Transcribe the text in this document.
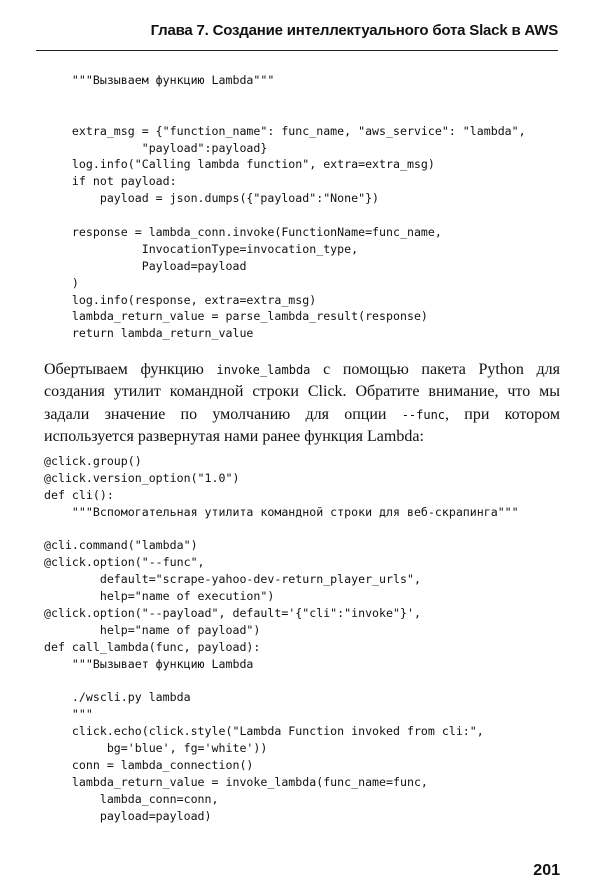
Глава 7. Создание интеллектуального бота Slack в AWS
"""Вызываем функцию Lambda"""
extra_msg = {"function_name": func_name, "aws_service": "lambda",
"payload":payload}
log.info("Calling lambda function", extra=extra_msg)
if not payload:
payload = json.dumps({"payload":"None"})
response = lambda_conn.invoke(FunctionName=func_name,
InvocationType=invocation_type,
Payload=payload
)
log.info(response, extra=extra_msg)
lambda_return_value = parse_lambda_result(response)
return lambda_return_value
Обертываем функцию invoke_lambda с помощью пакета Python для создания утилит командной строки Click. Обратите внимание, что мы задали значение по умолчанию для опции --func, при котором используется развернутая нами ранее функция Lambda:
@click.group()
@click.version_option("1.0")
def cli():
"""Вспомогательная утилита командной строки для веб-скрапинга"""
@cli.command("lambda")
@click.option("--func",
default="scrape-yahoo-dev-return_player_urls",
help="name of execution")
@click.option("--payload", default='{"cli":"invoke"}',
help="name of payload")
def call_lambda(func, payload):
"""Вызывает функцию Lambda
./wscli.py lambda
"""
click.echo(click.style("Lambda Function invoked from cli:",
bg='blue', fg='white'))
conn = lambda_connection()
lambda_return_value = invoke_lambda(func_name=func,
lambda_conn=conn,
payload=payload)
201
